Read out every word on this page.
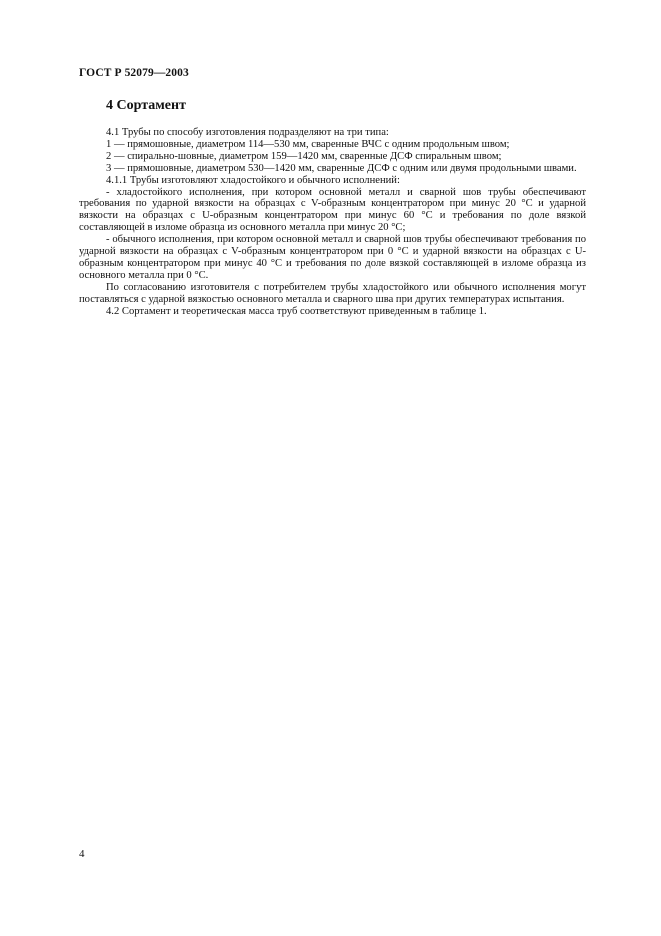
ГОСТ Р 52079—2003
4 Сортамент

4.1 Трубы по способу изготовления подразделяют на три типа:

1 — прямошовные, диаметром 114—530 мм, сваренные ВЧС с одним продольным швом;

2 — спирально-шовные, диаметром 159—1420 мм, сваренные ДСФ спиральным швом;

3 — прямошовные, диаметром 530—1420 мм, сваренные ДСФ с одним или двумя продольными швами.

4.1.1 Трубы изготовляют хладостойкого и обычного исполнений:

- хладостойкого исполнения, при котором основной металл и сварной шов трубы обеспечивают требования по ударной вязкости на образцах с V-образным концентратором при минус 20 °С и ударной вязкости на образцах с U-образным концентратором при минус 60 °С и требования по доле вязкой составляющей в изломе образца из основного металла при минус 20 °С;

- обычного исполнения, при котором основной металл и сварной шов трубы обеспечивают требования по ударной вязкости на образцах с V-образным концентратором при 0 °С и ударной вязкости на образцах с U-образным концентратором при минус 40 °С и требования по доле вязкой составляющей в изломе образца из основного металла при 0 °С.

По согласованию изготовителя с потребителем трубы хладостойкого или обычного исполнения могут поставляться с ударной вязкостью основного металла и сварного шва при других температурах испытания.

4.2 Сортамент и теоретическая масса труб соответствуют приведенным в таблице 1.

4
